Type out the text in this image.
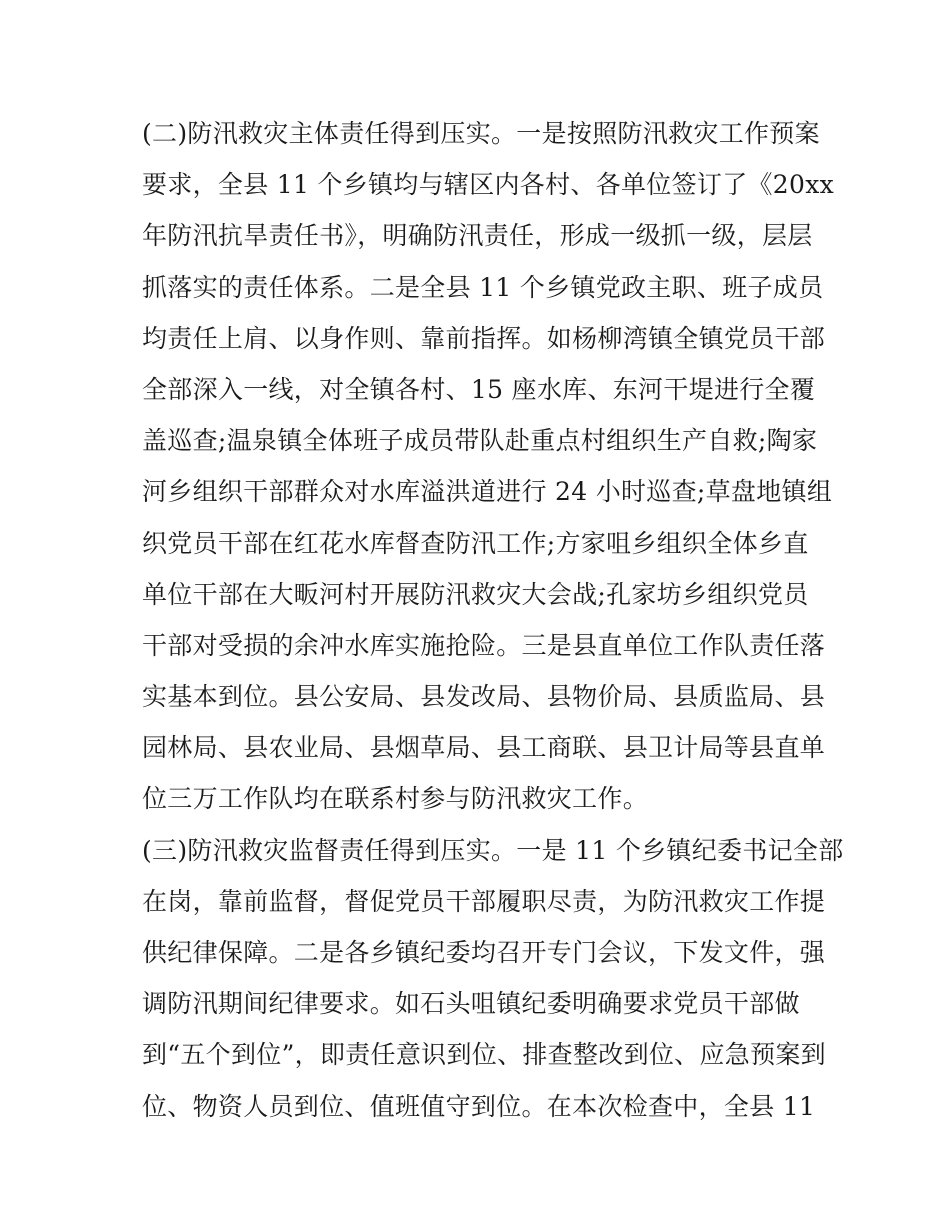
(二)防汛救灾主体责任得到压实。一是按照防汛救灾工作预案
要求，全县 11 个乡镇均与辖区内各村、各单位签订了《20xx
年防汛抗旱责任书》，明确防汛责任，形成一级抓一级，层层
抓落实的责任体系。二是全县 11 个乡镇党政主职、班子成员
均责任上肩、以身作则、靠前指挥。如杨柳湾镇全镇党员干部
全部深入一线，对全镇各村、15 座水库、东河干堤进行全覆
盖巡查;温泉镇全体班子成员带队赴重点村组织生产自救;陶家
河乡组织干部群众对水库溢洪道进行 24 小时巡查;草盘地镇组
织党员干部在红花水库督查防汛工作;方家咀乡组织全体乡直
单位干部在大畈河村开展防汛救灾大会战;孔家坊乡组织党员
干部对受损的余冲水库实施抢险。三是县直单位工作队责任落
实基本到位。县公安局、县发改局、县物价局、县质监局、县
园林局、县农业局、县烟草局、县工商联、县卫计局等县直单
位三万工作队均在联系村参与防汛救灾工作。
(三)防汛救灾监督责任得到压实。一是 11 个乡镇纪委书记全部
在岗，靠前监督，督促党员干部履职尽责，为防汛救灾工作提
供纪律保障。二是各乡镇纪委均召开专门会议，下发文件，强
调防汛期间纪律要求。如石头咀镇纪委明确要求党员干部做
到“五个到位”，即责任意识到位、排查整改到位、应急预案到
位、物资人员到位、值班值守到位。在本次检查中，全县 11
